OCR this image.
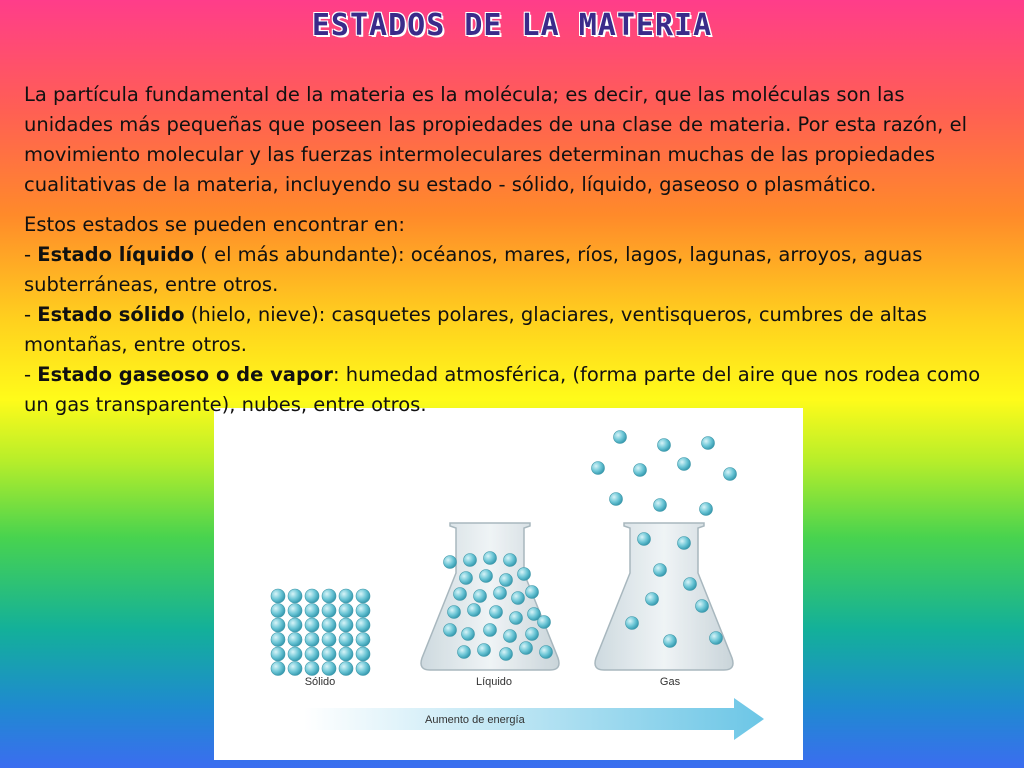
ESTADOS DE LA MATERIA

La partícula fundamental de la materia es la molécula; es decir, que las moléculas son las unidades más pequeñas que poseen las propiedades de una clase de materia. Por esta razón, el movimiento molecular y las fuerzas intermoleculares determinan muchas de las propiedades cualitativas de la materia, incluyendo su estado - sólido, líquido, gaseoso o plasmático.

Estos estados se pueden encontrar en:
- Estado líquido ( el más abundante): océanos, mares, ríos, lagos, lagunas, arroyos, aguas subterráneas, entre otros.
- Estado sólido (hielo, nieve): casquetes polares, glaciares, ventisqueros, cumbres de altas montañas, entre otros.
- Estado gaseoso o de vapor: humedad atmosférica, (forma parte del aire que nos rodea como un gas transparente), nubes, entre otros.
Sólido	Líquido	Gas
Aumento de energía
